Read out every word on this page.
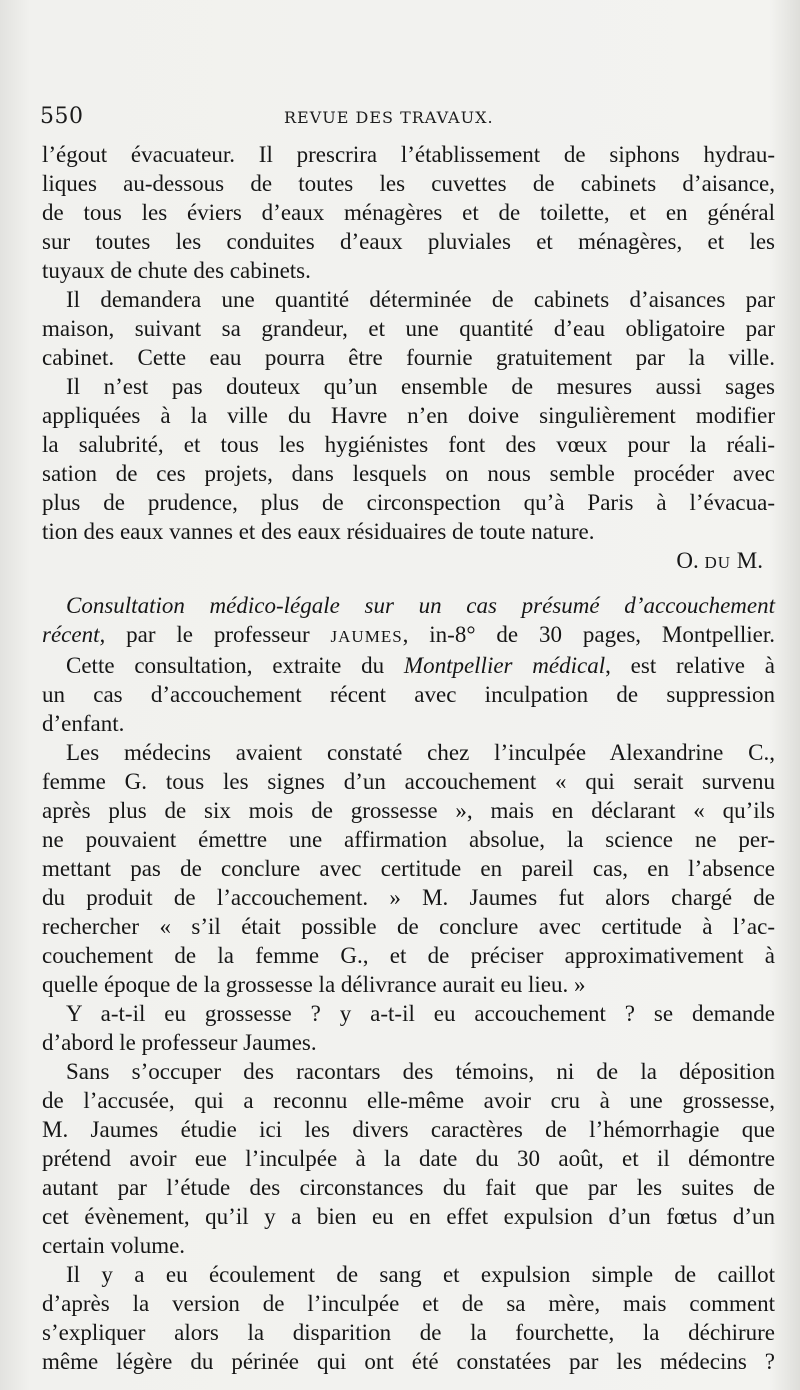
550	REVUE DES TRAVAUX.
l’égout évacuateur. Il prescrira l’établissement de siphons hydrau-
liques au-dessous de toutes les cuvettes de cabinets d’aisance,
de tous les éviers d’eaux ménagères et de toilette, et en général
sur toutes les conduites d’eaux pluviales et ménagères, et les
tuyaux de chute des cabinets.
Il demandera une quantité déterminée de cabinets d’aisances par
maison, suivant sa grandeur, et une quantité d’eau obligatoire par
cabinet. Cette eau pourra être fournie gratuitement par la ville.
Il n’est pas douteux qu’un ensemble de mesures aussi sages
appliquées à la ville du Havre n’en doive singulièrement modifier
la salubrité, et tous les hygiénistes font des vœux pour la réali-
sation de ces projets, dans lesquels on nous semble procéder avec
plus de prudence, plus de circonspection qu’à Paris à l’évacua-
tion des eaux vannes et des eaux résiduaires de toute nature.
O. DU M.
Consultation médico-légale sur un cas présumé d’accouchement
récent, par le professeur JAUMES, in-8° de 30 pages, Montpellier.
Cette consultation, extraite du Montpellier médical, est relative à
un cas d’accouchement récent avec inculpation de suppression
d’enfant.
Les médecins avaient constaté chez l’inculpée Alexandrine C.,
femme G. tous les signes d’un accouchement « qui serait survenu
après plus de six mois de grossesse », mais en déclarant « qu’ils
ne pouvaient émettre une affirmation absolue, la science ne per-
mettant pas de conclure avec certitude en pareil cas, en l’absence
du produit de l’accouchement. » M. Jaumes fut alors chargé de
rechercher « s’il était possible de conclure avec certitude à l’ac-
couchement de la femme G., et de préciser approximativement à
quelle époque de la grossesse la délivrance aurait eu lieu. »
Y a-t-il eu grossesse ? y a-t-il eu accouchement ? se demande
d’abord le professeur Jaumes.
Sans s’occuper des racontars des témoins, ni de la déposition
de l’accusée, qui a reconnu elle-même avoir cru à une grossesse,
M. Jaumes étudie ici les divers caractères de l’hémorrhagie que
prétend avoir eue l’inculpée à la date du 30 août, et il démontre
autant par l’étude des circonstances du fait que par les suites de
cet évènement, qu’il y a bien eu en effet expulsion d’un fœtus d’un
certain volume.
Il y a eu écoulement de sang et expulsion simple de caillot
d’après la version de l’inculpée et de sa mère, mais comment
s’expliquer alors la disparition de la fourchette, la déchirure
même légère du périnée qui ont été constatées par les médecins ?
